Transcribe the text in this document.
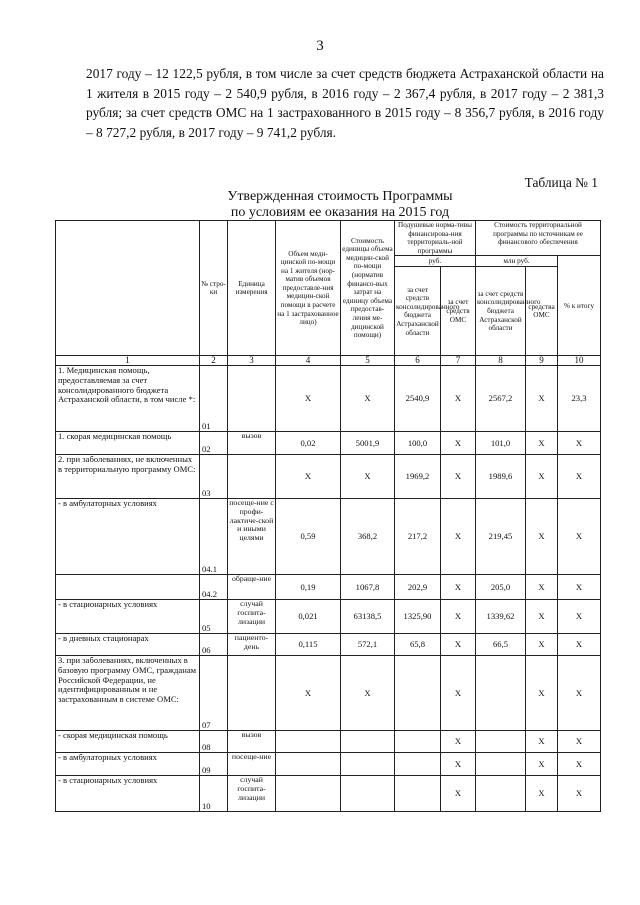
3

2017 году – 12 122,5 рубля, в том числе за счет средств бюджета Астраханской области на 1 жителя в 2015 году – 2 540,9 рубля, в 2016 году – 2 367,4 рубля, в 2017 году – 2 381,3 рубля; за счет средств ОМС на 1 застрахованного в 2015 году – 8 356,7 рубля, в 2016 году – 8 727,2 рубля, в 2017 году – 9 741,2 рубля.

Таблица № 1
Утвержденная стоимость Программы
по условиям ее оказания на 2015 год
	№ стро-ки	Единица измерения	Объем меди-цинской по-мощи на 1 жителя (нор-матив объемов предоставле-ния медицин-ской помощи в расчете на 1 застрахованное лицо)	Стоимость единицы объема медицин-ской по-мощи (норматив финансо-вых затрат на единицу объема предостав-ления ме-дицинской помощи)	Подушевые норма-тивы финансирова-ния территориаль-ной программы		Стоимость территориальной программы по источникам ее финансового обеспечения		
					руб.		млн руб.		% к итогу
					за счет средств консолидированного бюджета Астраханской области	за счет средств ОМС	за счет средств консолидированного бюджета Астраханской области	средства ОМС	
1	2	3	4	5	6	7	8	9	10
1. Медицинская помощь, предоставляемая за счет консолидированного бюджета Астраханской области, в том числе *:	01		Х	Х	2540,9	Х	2567,2	Х	23,3
1. скорая медицинская помощь	02	вызов	0,02	5001,9	100,0	Х	101,0	Х	Х
2. при заболеваниях, не включенных в территориальную программу ОМС:	03		Х	Х	1969,2	Х	1989,6	Х	Х
- в амбулаторных условиях	04.1	посеще-ние с профи-лактиче-ской и иными целями	0,59	368,2	217,2	Х	219,45	Х	Х
	04.2	обраще-ние	0,19	1067,8	202,9	Х	205,0	Х	Х
- в стационарных условиях	05	случай госпита-лизации	0,021	63138,5	1325,90	Х	1339,62	Х	Х
- в дневных стационарах	06	пациенто-день	0,115	572,1	65,8	Х	66,5	Х	Х
3. при заболеваниях, включенных в базовую программу ОМС, гражданам Российской Федерации, не идентифицированным и не застрахованным в системе ОМС:	07		Х	Х		Х		Х	Х
- скорая медицинская помощь	08	вызов				Х		Х	Х
- в амбулаторных условиях	09	посеще-ние				Х		Х	Х
- в стационарных условиях	10	случай госпита-лизации				Х		Х	Х
